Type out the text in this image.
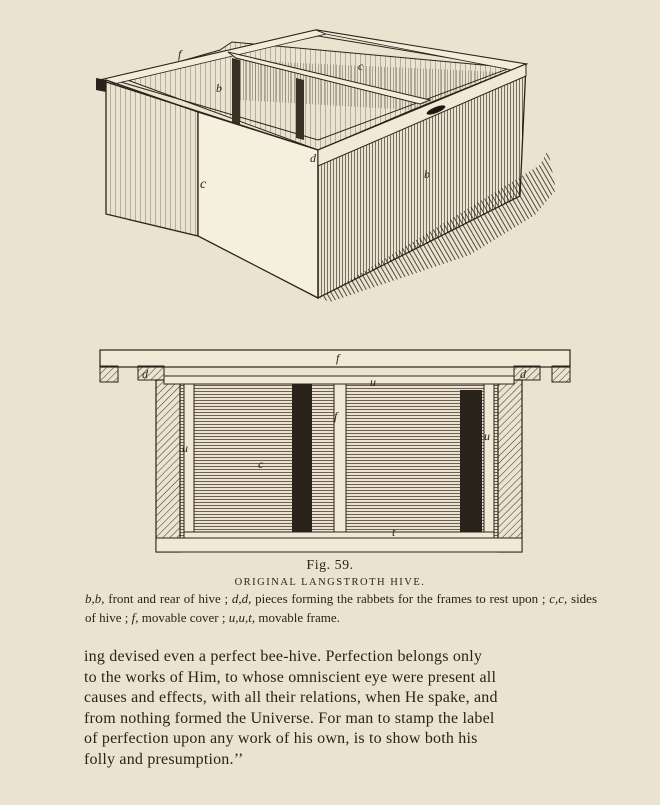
f
c
b
d
d
b
c
f
d	d
u
u
u
c
f
t
Fig. 59.
ORIGINAL LANGSTROTH HIVE.
b,b, front and rear of hive ; d,d, pieces forming the rabbets for the frames to rest upon ; c,c, sides of hive ; f, movable cover ; u,u,t, movable frame.
ing devised even a perfect bee-hive. Perfection belongs only
to the works of Him, to whose omniscient eye were present all
causes and effects, with all their relations, when He spake, and
from nothing formed the Universe. For man to stamp the label
of perfection upon any work of his own, is to show both his
folly and presumption.’’
